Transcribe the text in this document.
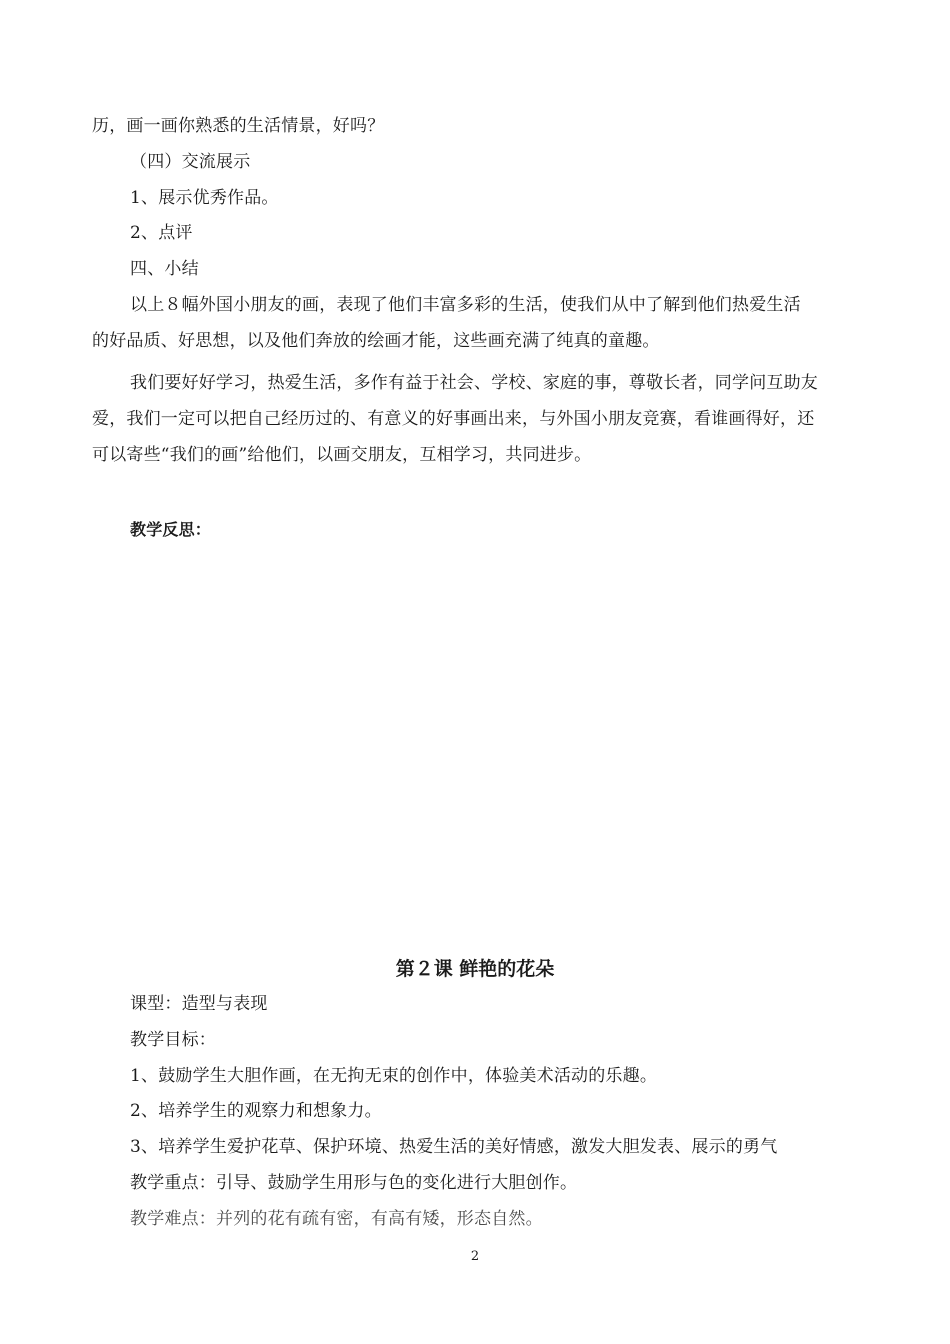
历，画一画你熟悉的生活情景，好吗？
（四）交流展示
1、展示优秀作品。
2、点评
四、小结
以上８幅外国小朋友的画，表现了他们丰富多彩的生活，使我们从中了解到他们热爱生活
的好品质、好思想，以及他们奔放的绘画才能，这些画充满了纯真的童趣。
我们要好好学习，热爱生活，多作有益于社会、学校、家庭的事，尊敬长者，同学问互助友
爱，我们一定可以把自己经历过的、有意义的好事画出来，与外国小朋友竞赛，看谁画得好，还
可以寄些“我们的画”给他们，以画交朋友，互相学习，共同进步。
教学反思：
第２课 鲜艳的花朵
课型：造型与表现
教学目标：
1、鼓励学生大胆作画，在无拘无束的创作中，体验美术活动的乐趣。
2、培养学生的观察力和想象力。
3、培养学生爱护花草、保护环境、热爱生活的美好情感，激发大胆发表、展示的勇气
教学重点：引导、鼓励学生用形与色的变化进行大胆创作。
教学难点：并列的花有疏有密，有高有矮，形态自然。
2
